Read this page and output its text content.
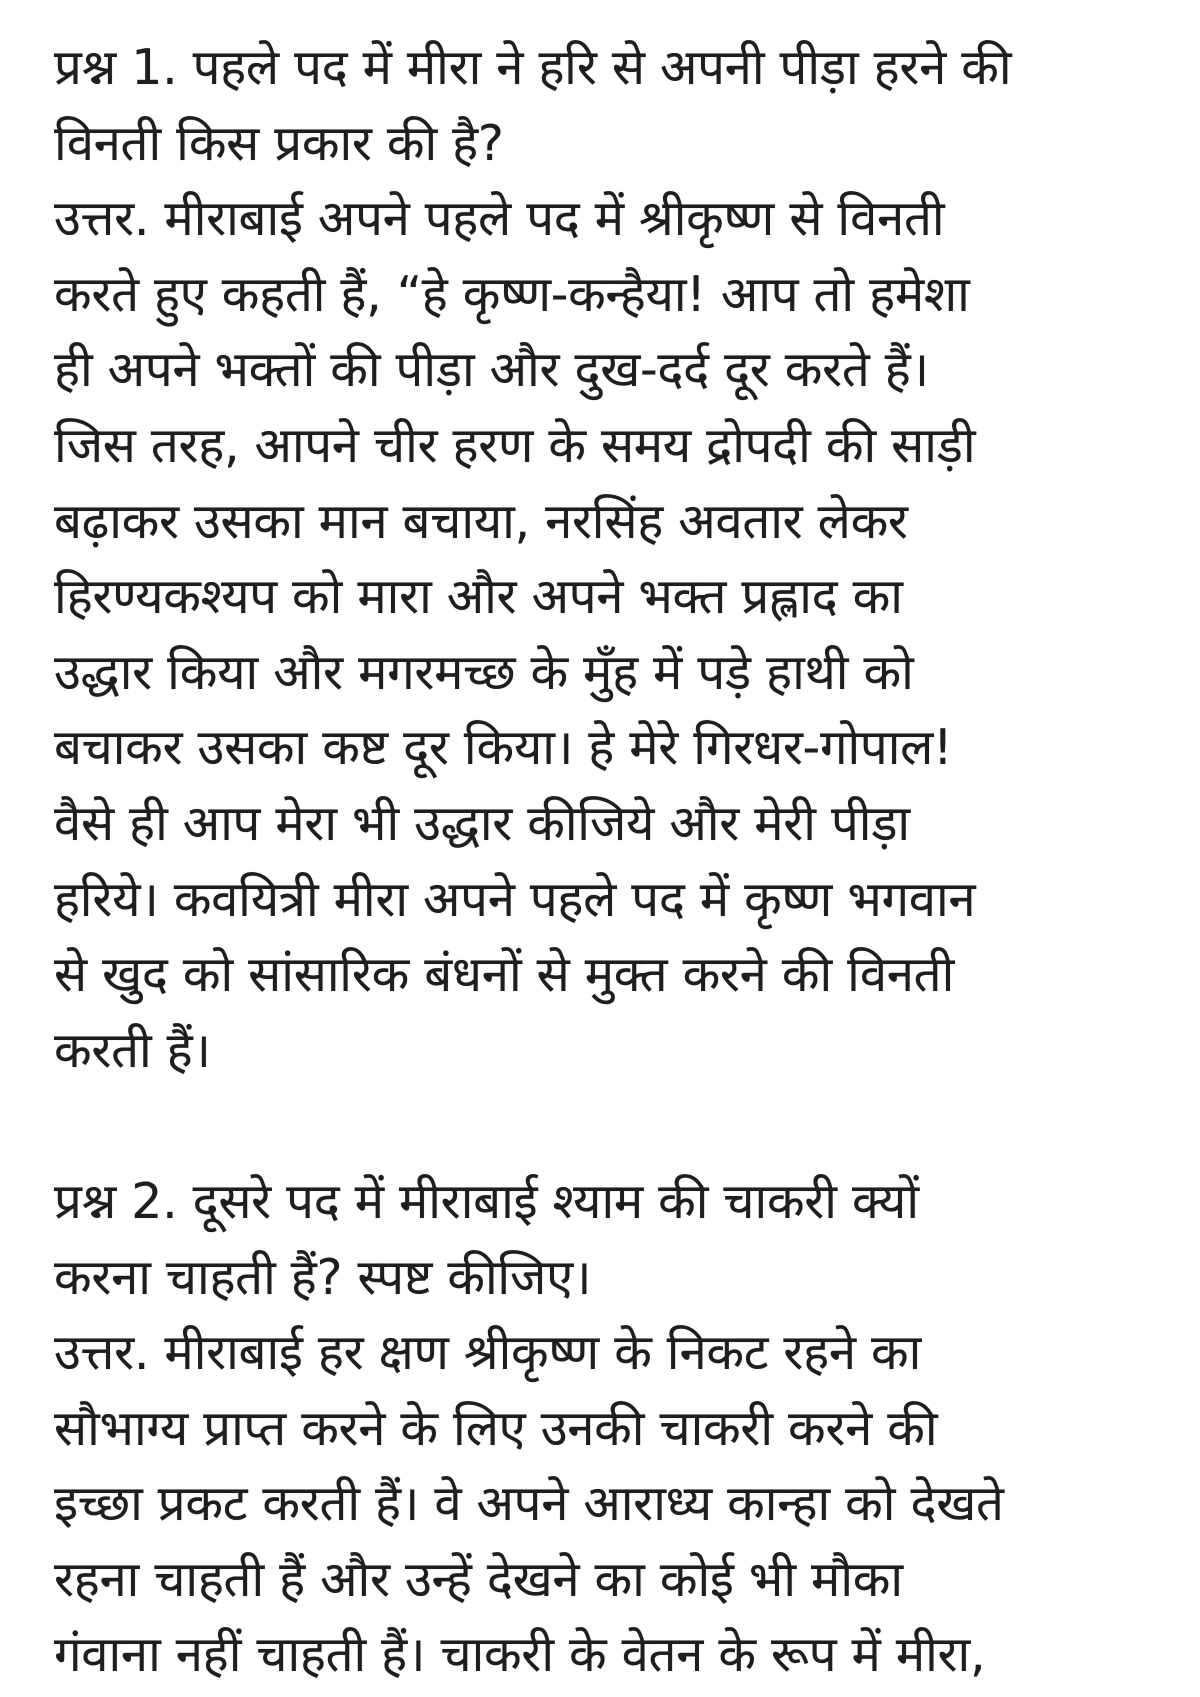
प्रश्न 1. पहले पद में मीरा ने हरि से अपनी पीड़ा हरने की
विनती किस प्रकार की है?
उत्तर. मीराबाई अपने पहले पद में श्रीकृष्ण से विनती
करते हुए कहती हैं, “हे कृष्ण-कन्हैया! आप तो हमेशा
ही अपने भक्तों की पीड़ा और दुख-दर्द दूर करते हैं।
जिस तरह, आपने चीर हरण के समय द्रोपदी की साड़ी
बढ़ाकर उसका मान बचाया, नरसिंह अवतार लेकर
हिरण्यकश्यप को मारा और अपने भक्त प्रह्लाद का
उद्धार किया और मगरमच्छ के मुँह में पड़े हाथी को
बचाकर उसका कष्ट दूर किया। हे मेरे गिरधर-गोपाल!
वैसे ही आप मेरा भी उद्धार कीजिये और मेरी पीड़ा
हरिये। कवयित्री मीरा अपने पहले पद में कृष्ण भगवान
से खुद को सांसारिक बंधनों से मुक्त करने की विनती
करती हैं।
प्रश्न 2. दूसरे पद में मीराबाई श्याम की चाकरी क्यों
करना चाहती हैं? स्पष्ट कीजिए।
उत्तर. मीराबाई हर क्षण श्रीकृष्ण के निकट रहने का
सौभाग्य प्राप्त करने के लिए उनकी चाकरी करने की
इच्छा प्रकट करती हैं। वे अपने आराध्य कान्हा को देखते
रहना चाहती हैं और उन्हें देखने का कोई भी मौका
गंवाना नहीं चाहती हैं। चाकरी के वेतन के रूप में मीरा,
